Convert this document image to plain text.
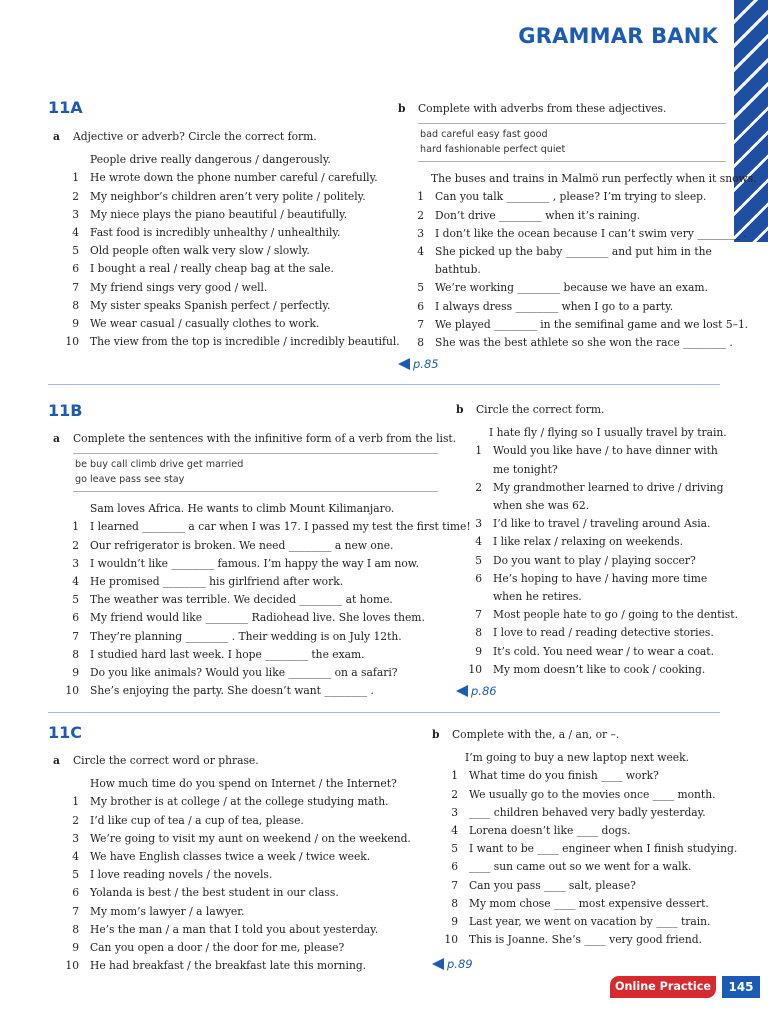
GRAMMAR BANK
11A
a Adjective or adverb? Circle the correct form.
People drive really dangerous / dangerously.
1 He wrote down the phone number careful / carefully.
2 My neighbor’s children aren’t very polite / politely.
3 My niece plays the piano beautiful / beautifully.
4 Fast food is incredibly unhealthy / unhealthily.
5 Old people often walk very slow / slowly.
6 I bought a real / really cheap bag at the sale.
7 My friend sings very good / well.
8 My sister speaks Spanish perfect / perfectly.
9 We wear casual / casually clothes to work.
10 The view from the top is incredible / incredibly beautiful.
b Complete with adverbs from these adjectives.
bad careful easy fast good
hard fashionable perfect quiet
The buses and trains in Malmö run perfectly when it snows.
1 Can you talk ________ , please? I’m trying to sleep.
2 Don’t drive ________ when it’s raining.
3 I don’t like the ocean because I can’t swim very ________ .
4 She picked up the baby ________ and put him in the bathtub.
5 We’re working ________ because we have an exam.
6 I always dress ________ when I go to a party.
7 We played ________ in the semifinal game and we lost 5–1.
8 She was the best athlete so she won the race ________ .
p.85
11B
a Complete the sentences with the infinitive form of a verb from the list.
be buy call climb drive get married
go leave pass see stay
Sam loves Africa. He wants to climb Mount Kilimanjaro.
1 I learned ________ a car when I was 17. I passed my test the first time!
2 Our refrigerator is broken. We need ________ a new one.
3 I wouldn’t like ________ famous. I’m happy the way I am now.
4 He promised ________ his girlfriend after work.
5 The weather was terrible. We decided ________ at home.
6 My friend would like ________ Radiohead live. She loves them.
7 They’re planning ________ . Their wedding is on July 12th.
8 I studied hard last week. I hope ________ the exam.
9 Do you like animals? Would you like ________ on a safari?
10 She’s enjoying the party. She doesn’t want ________ .
b Circle the correct form.
I hate fly / flying so I usually travel by train.
1 Would you like have / to have dinner with me tonight?
2 My grandmother learned to drive / driving when she was 62.
3 I’d like to travel / traveling around Asia.
4 I like relax / relaxing on weekends.
5 Do you want to play / playing soccer?
6 He’s hoping to have / having more time when he retires.
7 Most people hate to go / going to the dentist.
8 I love to read / reading detective stories.
9 It’s cold. You need wear / to wear a coat.
10 My mom doesn’t like to cook / cooking.
p.86
11C
a Circle the correct word or phrase.
How much time do you spend on Internet / the Internet?
1 My brother is at college / at the college studying math.
2 I’d like cup of tea / a cup of tea, please.
3 We’re going to visit my aunt on weekend / on the weekend.
4 We have English classes twice a week / twice week.
5 I love reading novels / the novels.
6 Yolanda is best / the best student in our class.
7 My mom’s lawyer / a lawyer.
8 He’s the man / a man that I told you about yesterday.
9 Can you open a door / the door for me, please?
10 He had breakfast / the breakfast late this morning.
b Complete with the, a / an, or –.
I’m going to buy a new laptop next week.
1 What time do you finish ____ work?
2 We usually go to the movies once ____ month.
3 ____ children behaved very badly yesterday.
4 Lorena doesn’t like ____ dogs.
5 I want to be ____ engineer when I finish studying.
6 ____ sun came out so we went for a walk.
7 Can you pass ____ salt, please?
8 My mom chose ____ most expensive dessert.
9 Last year, we went on vacation by ____ train.
10 This is Joanne. She’s ____ very good friend.
p.89
Online Practice	145
